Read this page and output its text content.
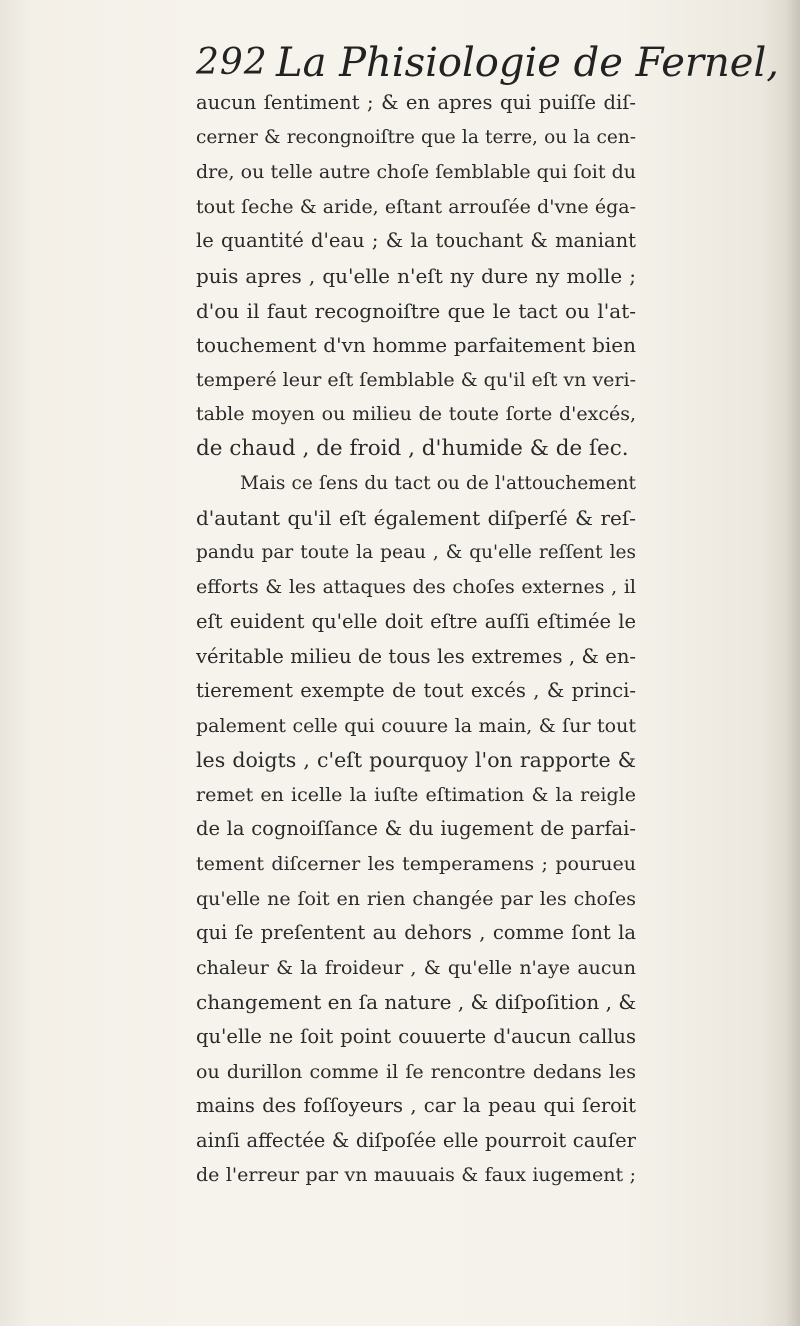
292 La Phisiologie de Fernel,
aucun ſentiment ; & en apres qui puiſſe diſ-
cerner & recongnoiſtre que la terre, ou la cen-
dre, ou telle autre choſe ſemblable qui ſoit du
tout ſeche & aride, eſtant arrouſée d'vne éga-
le quantité d'eau ; & la touchant & maniant
puis apres , qu'elle n'eſt ny dure ny molle ;
d'ou il faut recognoiſtre que le tact ou l'at-
touchement d'vn homme parfaitement bien
temperé leur eſt ſemblable & qu'il eſt vn veri-
table moyen ou milieu de toute ſorte d'excés,
de chaud , de froid , d'humide & de ſec.
Mais ce ſens du tact ou de l'attouchement
d'autant qu'il eſt également diſperſé & reſ-
pandu par toute la peau , & qu'elle reſſent les
efforts & les attaques des choſes externes , il
eſt euident qu'elle doit eſtre auſſi eſtimée le
véritable milieu de tous les extremes , & en-
tierement exempte de tout excés , & princi-
palement celle qui couure la main, & ſur tout
les doigts , c'eſt pourquoy l'on rapporte &
remet en icelle la iuſte eſtimation & la reigle
de la cognoiſſance & du iugement de parfai-
tement diſcerner les temperamens ; pourueu
qu'elle ne ſoit en rien changée par les choſes
qui ſe preſentent au dehors , comme ſont la
chaleur & la froideur , & qu'elle n'aye aucun
changement en ſa nature , & diſpoſition , &
qu'elle ne ſoit point couuerte d'aucun callus
ou durillon comme il ſe rencontre dedans les
mains des foſſoyeurs , car la peau qui ſeroit
ainſi affectée & diſpoſée elle pourroit cauſer
de l'erreur par vn mauuais & faux iugement ;
